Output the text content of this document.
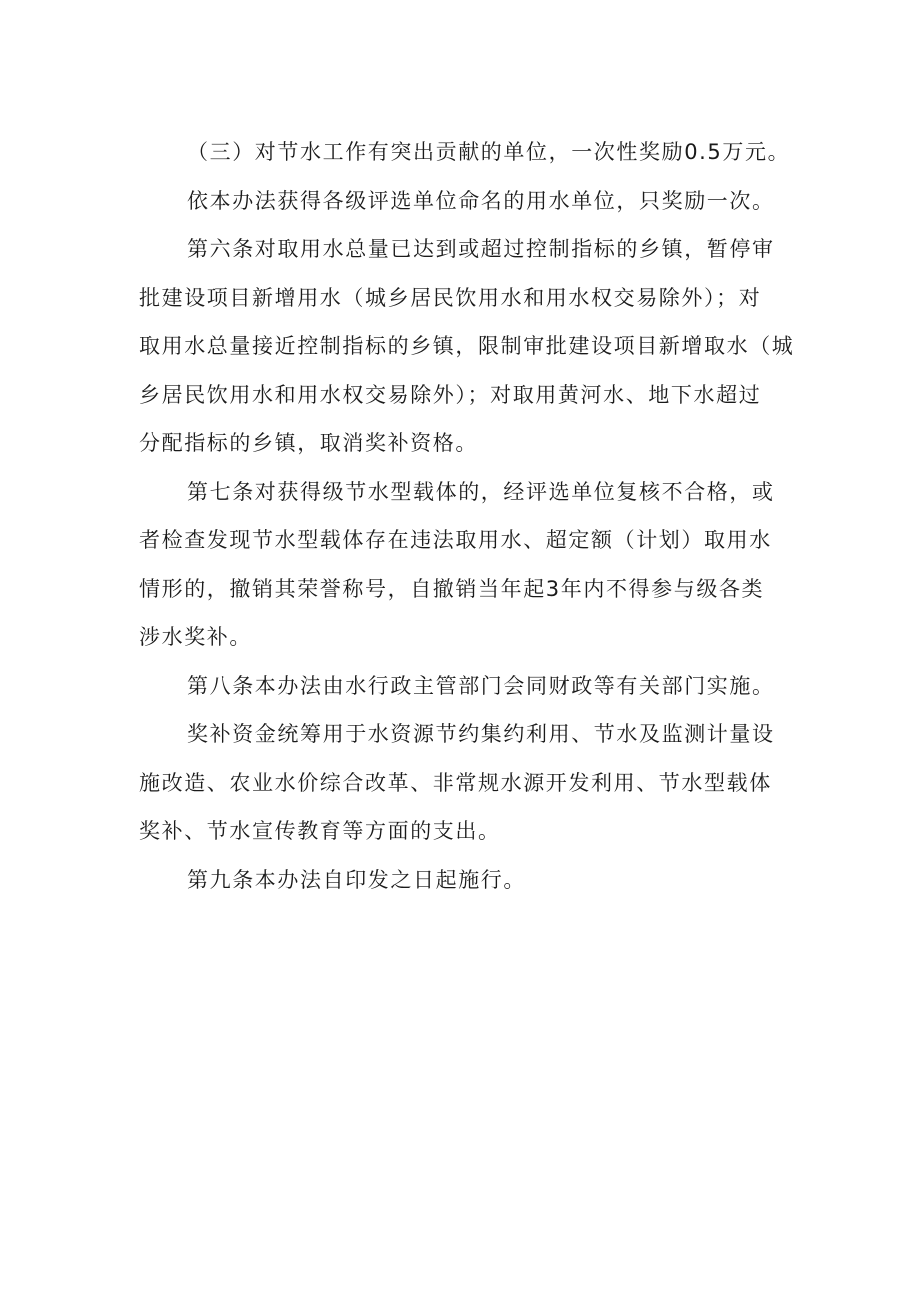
（三）对节水工作有突出贡献的单位，一次性奖励0.5万元。
依本办法获得各级评选单位命名的用水单位，只奖励一次。
第六条对取用水总量已达到或超过控制指标的乡镇，暂停审
批建设项目新增用水（城乡居民饮用水和用水权交易除外）；对
取用水总量接近控制指标的乡镇，限制审批建设项目新增取水（城
乡居民饮用水和用水权交易除外）；对取用黄河水、地下水超过
分配指标的乡镇，取消奖补资格。
第七条对获得级节水型载体的，经评选单位复核不合格，或
者检查发现节水型载体存在违法取用水、超定额（计划）取用水
情形的，撤销其荣誉称号，自撤销当年起3年内不得参与级各类
涉水奖补。
第八条本办法由水行政主管部门会同财政等有关部门实施。
奖补资金统筹用于水资源节约集约利用、节水及监测计量设
施改造、农业水价综合改革、非常规水源开发利用、节水型载体
奖补、节水宣传教育等方面的支出。
第九条本办法自印发之日起施行。
